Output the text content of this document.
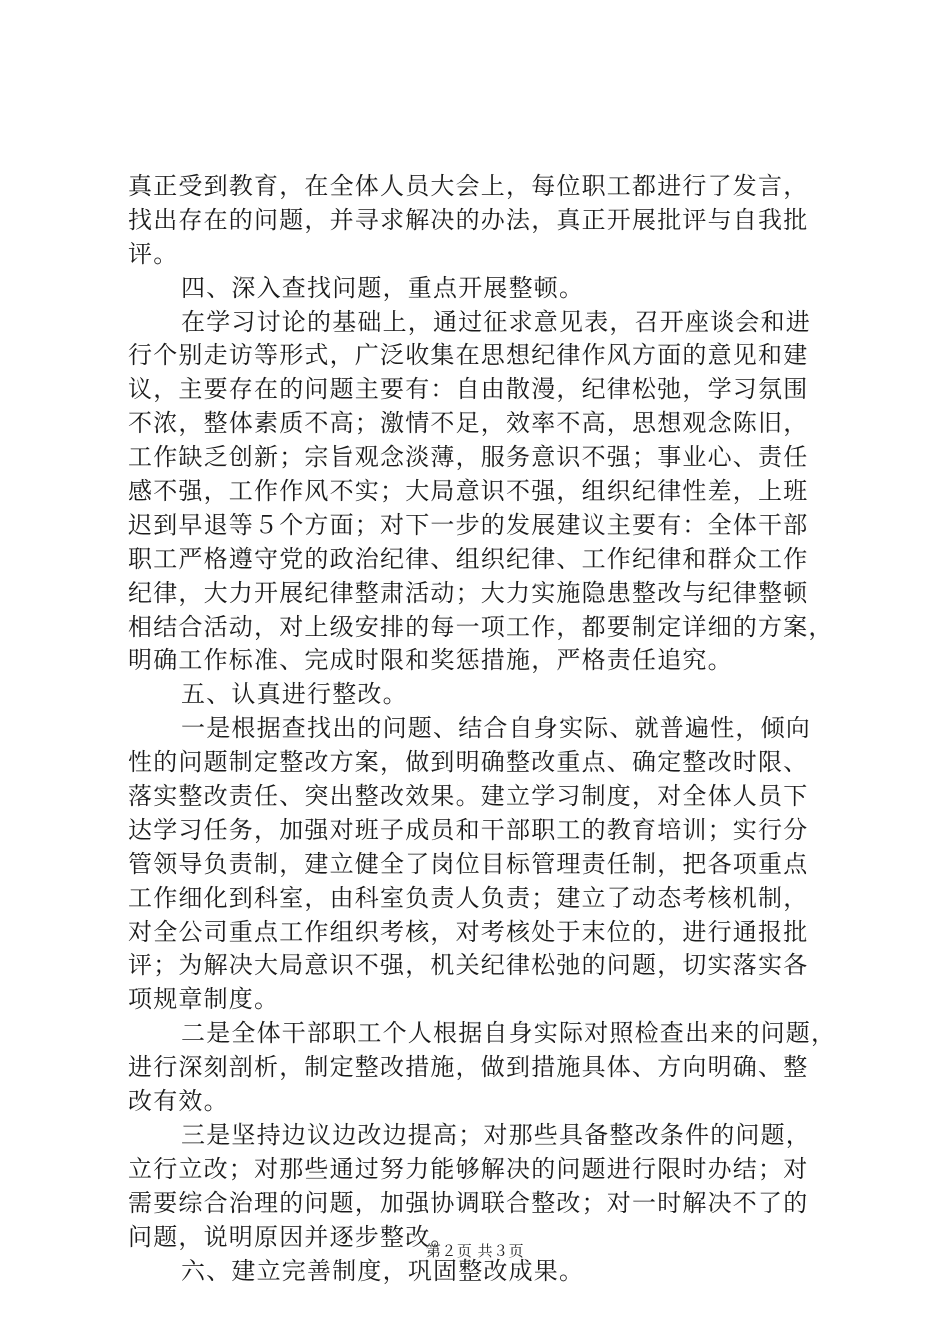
真正受到教育，在全体人员大会上，每位职工都进行了发言，
找出存在的问题，并寻求解决的办法，真正开展批评与自我批
评。
四、深入查找问题，重点开展整顿。
在学习讨论的基础上，通过征求意见表，召开座谈会和进
行个别走访等形式，广泛收集在思想纪律作风方面的意见和建
议，主要存在的问题主要有：自由散漫，纪律松弛，学习氛围
不浓，整体素质不高；激情不足，效率不高，思想观念陈旧，
工作缺乏创新；宗旨观念淡薄，服务意识不强；事业心、责任
感不强，工作作风不实；大局意识不强，组织纪律性差，上班
迟到早退等５个方面；对下一步的发展建议主要有：全体干部
职工严格遵守党的政治纪律、组织纪律、工作纪律和群众工作
纪律，大力开展纪律整肃活动；大力实施隐患整改与纪律整顿
相结合活动，对上级安排的每一项工作，都要制定详细的方案，
明确工作标准、完成时限和奖惩措施，严格责任追究。
五、认真进行整改。
一是根据查找出的问题、结合自身实际、就普遍性，倾向
性的问题制定整改方案，做到明确整改重点、确定整改时限、
落实整改责任、突出整改效果。建立学习制度，对全体人员下
达学习任务，加强对班子成员和干部职工的教育培训；实行分
管领导负责制，建立健全了岗位目标管理责任制，把各项重点
工作细化到科室，由科室负责人负责；建立了动态考核机制，
对全公司重点工作组织考核，对考核处于末位的，进行通报批
评；为解决大局意识不强，机关纪律松弛的问题，切实落实各
项规章制度。
二是全体干部职工个人根据自身实际对照检查出来的问题，
进行深刻剖析，制定整改措施，做到措施具体、方向明确、整
改有效。
三是坚持边议边改边提高；对那些具备整改条件的问题，
立行立改；对那些通过努力能够解决的问题进行限时办结；对
需要综合治理的问题，加强协调联合整改；对一时解决不了的
问题，说明原因并逐步整改。
六、建立完善制度，巩固整改成果。
第２页 共３页
